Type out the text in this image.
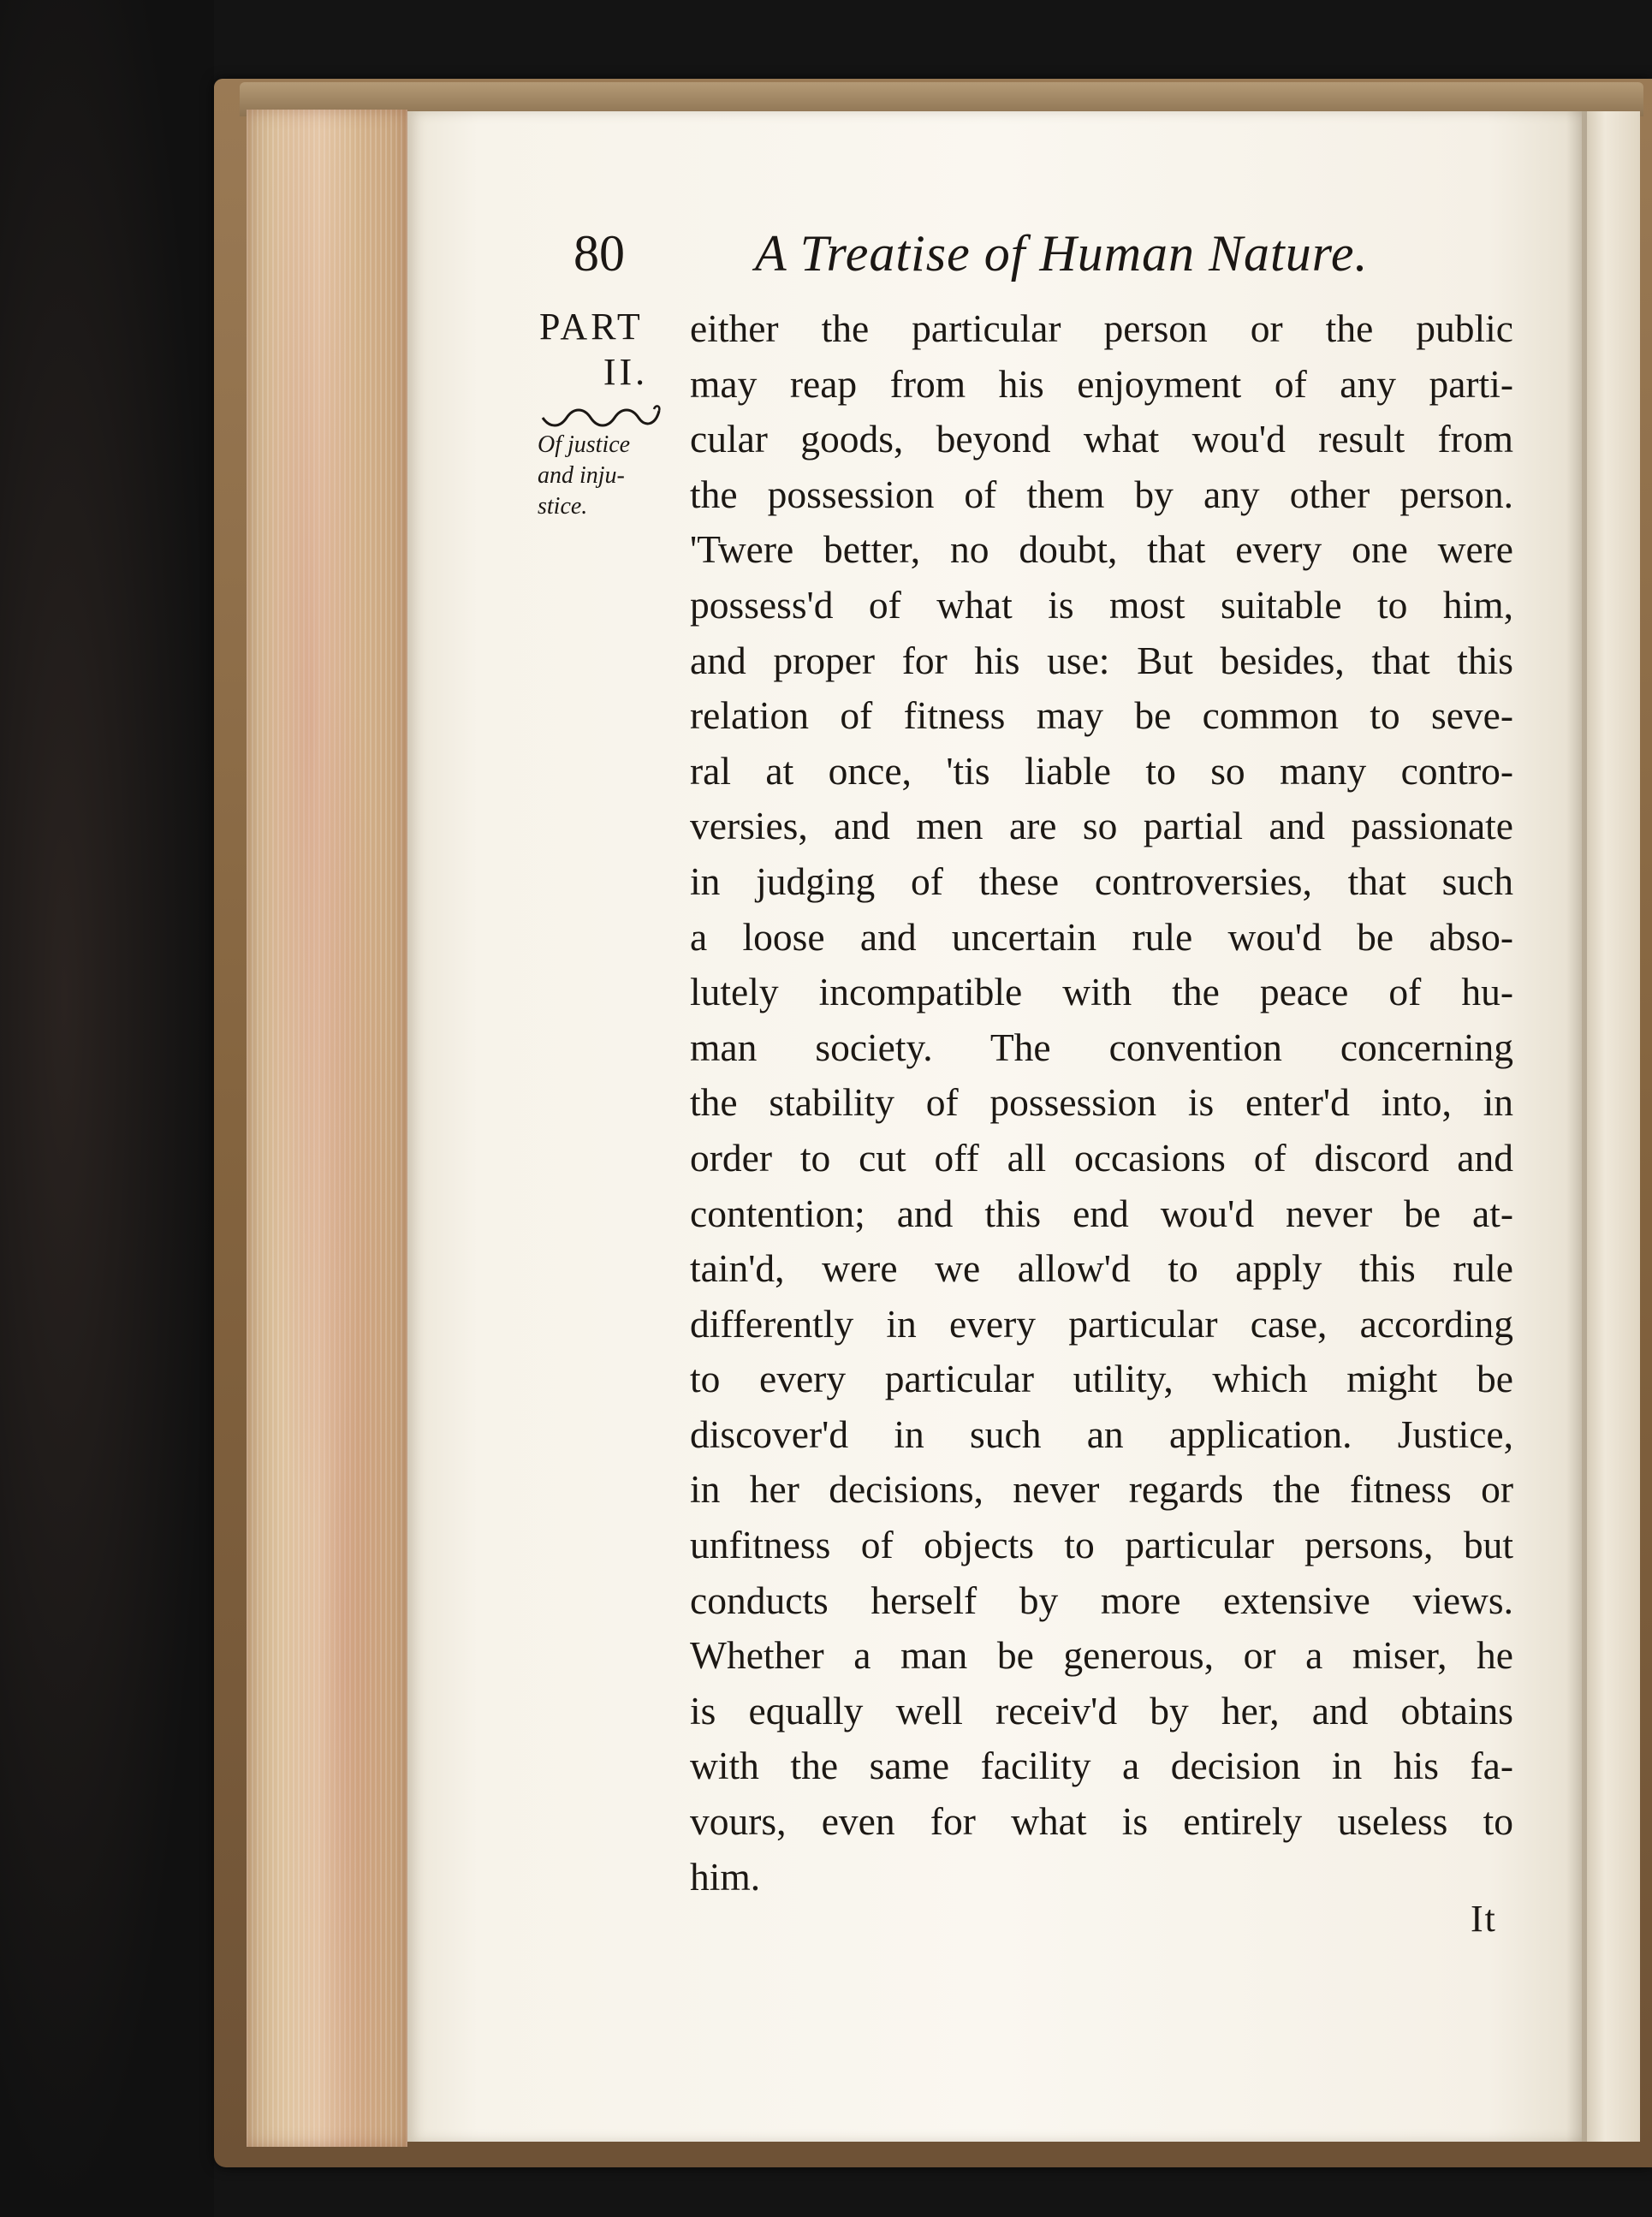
80	A Treatise of Human Nature.
PART
II.
Of justice
and inju-
stice.
either the particular person or the public
may reap from his enjoyment of any parti-
cular goods, beyond what wou'd result from
the possession of them by any other person.
'Twere better, no doubt, that every one were
possess'd of what is most suitable to him,
and proper for his use: But besides, that this
relation of fitness may be common to seve-
ral at once, 'tis liable to so many contro-
versies, and men are so partial and passionate
in judging of these controversies, that such
a loose and uncertain rule wou'd be abso-
lutely incompatible with the peace of hu-
man society. The convention concerning
the stability of possession is enter'd into, in
order to cut off all occasions of discord and
contention; and this end wou'd never be at-
tain'd, were we allow'd to apply this rule
differently in every particular case, according
to every particular utility, which might be
discover'd in such an application. Justice,
in her decisions, never regards the fitness or
unfitness of objects to particular persons, but
conducts herself by more extensive views.
Whether a man be generous, or a miser, he
is equally well receiv'd by her, and obtains
with the same facility a decision in his fa-
vours, even for what is entirely useless to
him.
It
